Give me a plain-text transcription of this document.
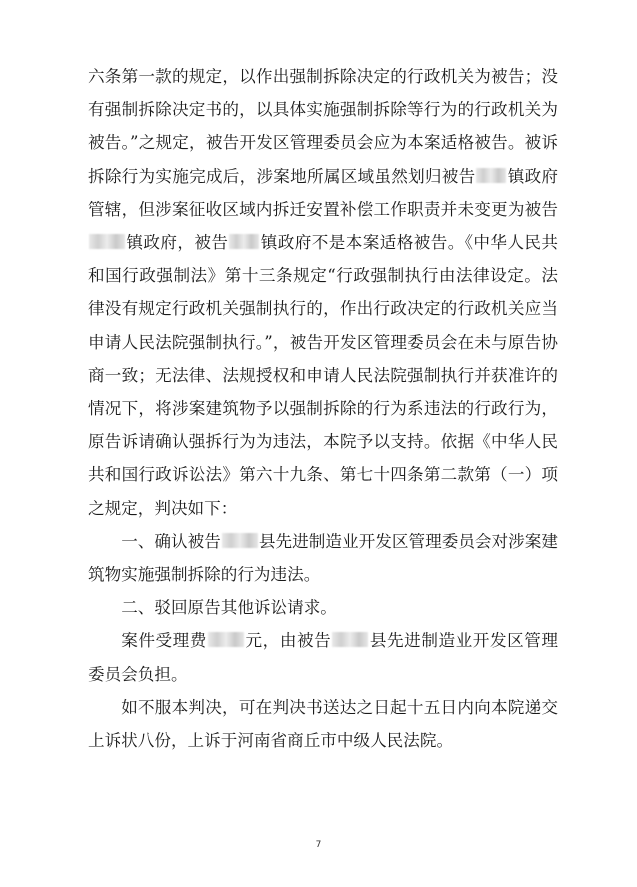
六条第一款的规定，以作出强制拆除决定的行政机关为被告；没有强制拆除决定书的，以具体实施强制拆除等行为的行政机关为被告。”之规定，被告开发区管理委员会应为本案适格被告。被诉拆除行为实施完成后，涉案地所属区域虽然划归被告 镇政府管辖，但涉案征收区域内拆迁安置补偿工作职责并未变更为被告镇政府，被告 镇政府不是本案适格被告。《中华人民共和国行政强制法》第十三条规定“行政强制执行由法律设定。法律没有规定行政机关强制执行的，作出行政决定的行政机关应当申请人民法院强制执行。”，被告开发区管理委员会在未与原告协商一致；无法律、法规授权和申请人民法院强制执行并获准许的情况下，将涉案建筑物予以强制拆除的行为系违法的行政行为，原告诉请确认强拆行为为违法，本院予以支持。依据《中华人民共和国行政诉讼法》第六十九条、第七十四条第二款第（一）项之规定，判决如下：

一、确认被告 县先进制造业开发区管理委员会对涉案建筑物实施强制拆除的行为违法。

二、驳回原告其他诉讼请求。

案件受理费 元，由被告 县先进制造业开发区管理委员会负担。

如不服本判决，可在判决书送达之日起十五日内向本院递交上诉状八份，上诉于河南省商丘市中级人民法院。

7
